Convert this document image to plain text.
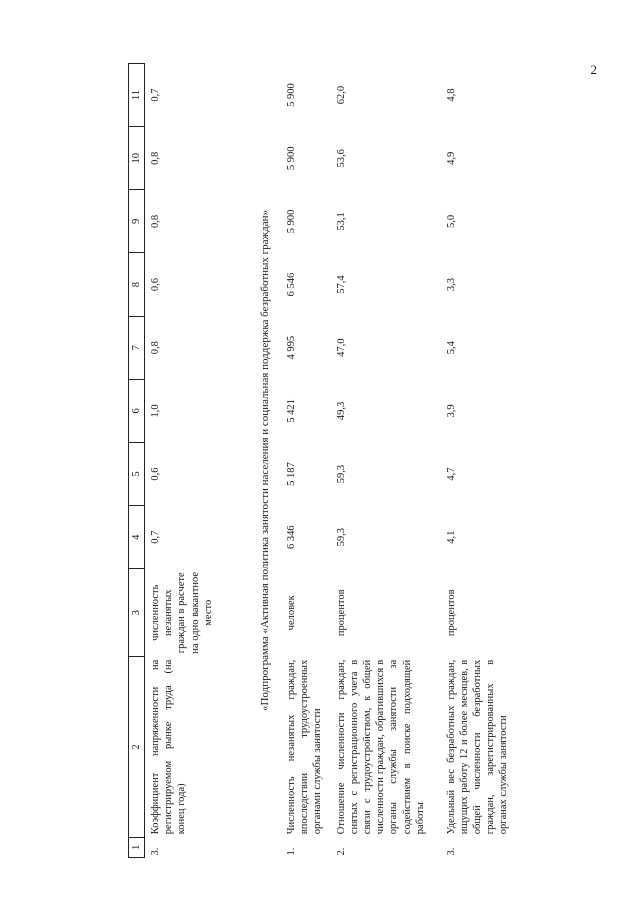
2
1	2	3	4	5	6	7	8	9	10	11
3.	Коэффициент напряженности на регистрируемом рынке труда (на конец года)	численность незанятых граждан в расчете на одно вакантное место	0,7	0,6	1,0	0,8	0,6	0,8	0,8	0,7
«Подпрограмма «Активная политика занятости населения и социальная поддержка безработных граждан»										
1.	Численность незанятых граждан, впоследствии трудоустроенных органами службы занятости	человек	6 346	5 187	5 421	4 995	6 546	5 900	5 900	5 900
2.	Отношение численности граждан, снятых с регистрационного учета в связи с трудоустройством, к общей численности граждан, обратившихся в органы службы занятости за содействием в поиске подходящей работы	процентов	59,3	59,3	49,3	47,0	57,4	53,1	53,6	62,0
3.	Удельный вес безработных граждан, ищущих работу 12 и более месяцев, в общей численности безработных граждан, зарегистрированных в органах службы занятости	процентов	4,1	4,7	3,9	5,4	3,3	5,0	4,9	4,8
